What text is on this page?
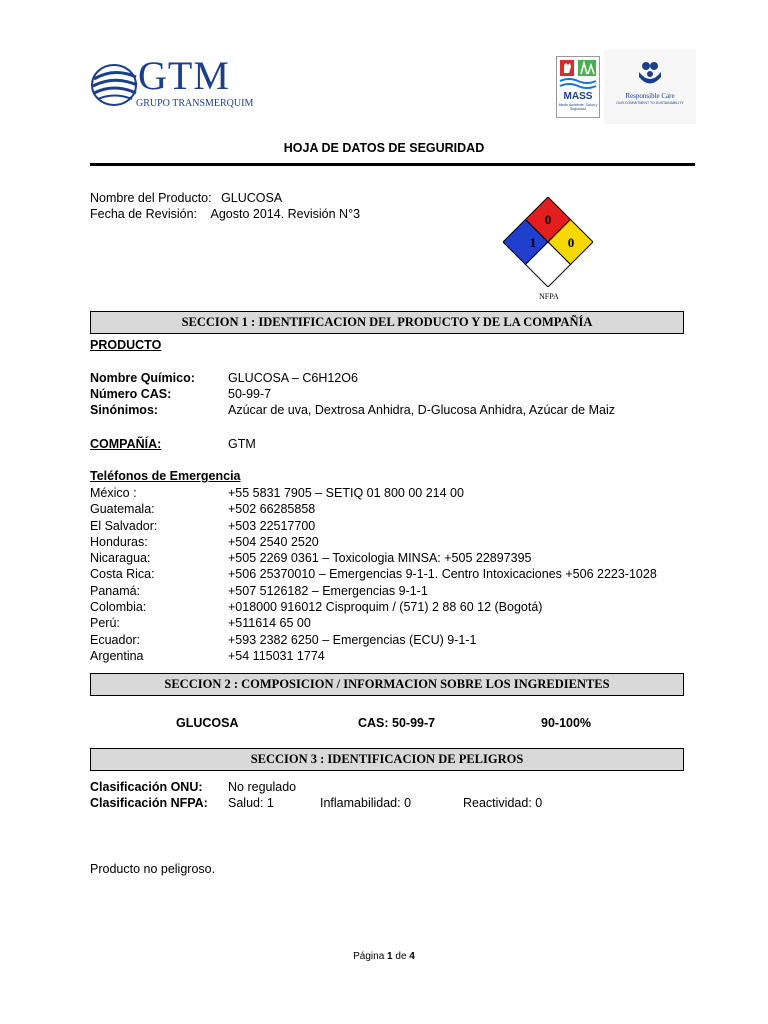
GTM
GRUPO TRANSMERQUIM
MASS
Medio Ambiente, Salud y Seguridad
Responsible Care
OUR COMMITMENT TO SUSTAINABILITY
HOJA DE DATOS DE SEGURIDAD
Nombre del Producto: GLUCOSA
Fecha de Revisión: Agosto 2014. Revisión N°3	0
1 0
NFPA
SECCION 1 : IDENTIFICACION DEL PRODUCTO Y DE LA COMPAÑÍA
PRODUCTO
Nombre Químico:	GLUCOSA – C6H12O6
Número CAS:	50-99-7
Sinónimos:	Azúcar de uva, Dextrosa Anhidra, D-Glucosa Anhidra, Azúcar de Maiz
COMPAÑÍA:	GTM
Teléfonos de Emergencia
México :	+55 5831 7905 – SETIQ 01 800 00 214 00
Guatemala:	+502 66285858
El Salvador:	+503 22517700
Honduras:	+504 2540 2520
Nicaragua:	+505 2269 0361 – Toxicologia MINSA: +505 22897395
Costa Rica:	+506 25370010 – Emergencias 9-1-1. Centro Intoxicaciones +506 2223-1028
Panamá:	+507 5126182 – Emergencias 9-1-1
Colombia:	+018000 916012 Cisproquim / (571) 2 88 60 12 (Bogotá)
Perú:	+511614 65 00
Ecuador:	+593 2382 6250 – Emergencias (ECU) 9-1-1
Argentina	+54 115031 1774
SECCION 2 : COMPOSICION / INFORMACION SOBRE LOS INGREDIENTES
GLUCOSA	CAS: 50-99-7	90-100%
SECCION 3 : IDENTIFICACION DE PELIGROS
Clasificación ONU: No regulado
Clasificación NFPA: Salud: 1	Inflamabilidad: 0	Reactividad: 0
Producto no peligroso.
Página 1 de 4
